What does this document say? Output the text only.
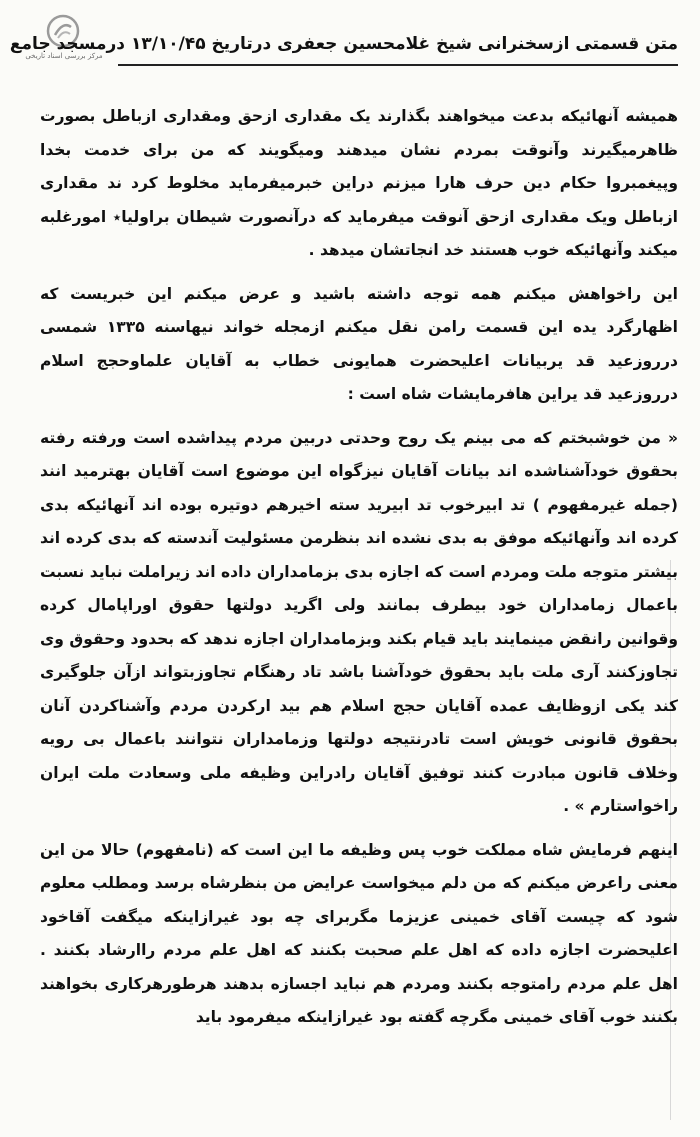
مرکز بررسی اسناد تاریخی
متن قسمتی ازسخنرانی شیخ غلامحسین جعفری درتاریخ ۱۳/۱۰/۴۵ درمسجد جامع

همیشه آنهائیکه بدعت میخواهند بگذارند یک مقداری ازحق ومقداری ازباطل بصورت ظاهرمیگیرند وآنوقت بمردم نشان میدهند ومیگویند که من برای خدمت بخدا وپیغمبروا حکام دین حرف هارا میزنم دراین خبرمیفرماید مخلوط کرد ند مقداری ازباطل ویک مقداری ازحق آنوقت میفرماید که درآنصورت شیطان براولیا٭ امورغلبه میکند وآنهائیکه خوب هستند خد انجاتشان میدهد .

این راخواهش میکنم همه توجه داشته باشید و عرض میکنم این خبریست که اظهارگرد یده این قسمت رامن نقل میکنم ازمجله خواند نیهاسنه ۱۳۳۵ شمسی درروزعید قد یربیانات اعلیحضرت همایونی خطاب به آقایان علماوحجج اسلام درروزعید قد یراین هافرمایشات شاه است :

« من خوشبختم که می بینم یک روح وحدتی دربین مردم پیداشده است ورفته رفته بحقوق خودآشناشده اند بیانات آقایان نیزگواه این موضوع است آقایان بهترمید انند (جمله غیرمفهوم ) تد ابیرخوب تد ابیرید سته اخیرهم دوتیره بوده اند آنهائیکه بدی کرده اند وآنهائیکه موفق به بدی نشده اند بنظرمن مسئولیت آندسته که بدی کرده اند بیشتر متوجه ملت ومردم است که اجازه بدی بزمامداران داده اند زیراملت نباید نسبت باعمال زمامداران خود بیطرف بمانند ولی اگرید دولتها حقوق اوراپامال کرده وقوانین رانقض مینمایند باید قیام بکند وبزمامداران اجازه ندهد که بحدود وحقوق وی تجاوزکنند آری ملت باید بحقوق خودآشنا باشد تاد رهنگام تجاوزبتواند ازآن جلوگیری کند یکی ازوظایف عمده آقایان حجج اسلام هم بید ارکردن مردم وآشناکردن آنان بحقوق قانونی خویش است تادرنتیجه دولتها وزمامداران نتوانند باعمال بی رویه وخلاف قانون مبادرت کنند توفیق آقایان رادراین وظیفه ملی وسعادت ملت ایران راخواستارم » .

اینهم فرمایش شاه مملکت خوب پس وظیفه ما این است که (نامفهوم) حالا من این معنی راعرض میکنم که من دلم میخواست عرایض من بنظرشاه برسد ومطلب معلوم شود که چیست آقای خمینی عزیزما مگربرای چه بود غیرازاینکه میگفت آقاخود اعلیحضرت اجازه داده که اهل علم صحبت بکنند که اهل علم مردم راارشاد بکنند . اهل علم مردم رامتوجه بکنند ومردم هم نباید اجسازه بدهند هرطورهرکاری بخواهند بکنند خوب آقای خمینی مگرچه گفته بود غیرازاینکه میفرمود باید
